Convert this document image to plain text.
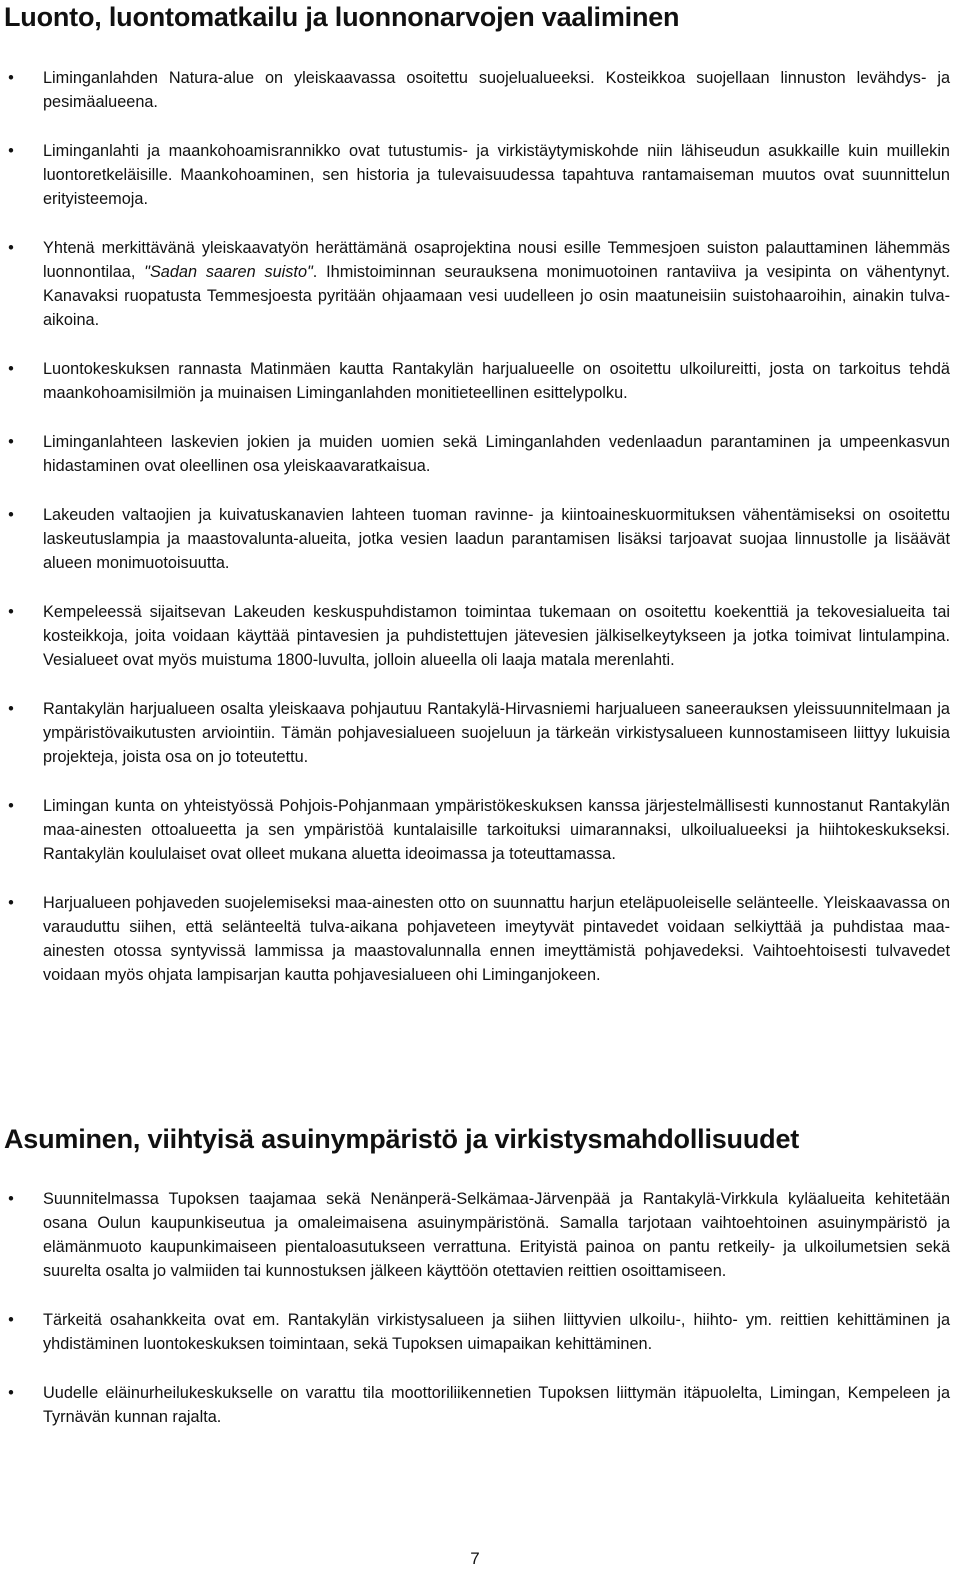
Luonto, luontomatkailu ja luonnonarvojen vaaliminen
• Liminganlahden Natura-alue on yleiskaavassa osoitettu suojelualueeksi. Kosteikkoa suojellaan linnuston levähdys- ja pesimäalueena.
• Liminganlahti ja maankohoamisrannikko ovat tutustumis- ja virkistäytymiskohde niin lähiseudun asukkaille kuin muillekin luontoretkeläisille. Maankohoaminen, sen historia ja tulevaisuudessa tapahtuva rantamaiseman muutos ovat suunnittelun erityisteemoja.
• Yhtenä merkittävänä yleiskaavatyön herättämänä osaprojektina nousi esille Temmesjoen suiston palauttaminen lähemmäs luonnontilaa, "Sadan saaren suisto". Ihmistoiminnan seurauksena monimuotoinen rantaviiva ja vesipinta on vähentynyt. Kanavaksi ruopatusta Temmesjoesta pyritään ohjaamaan vesi uudelleen jo osin maatuneisiin suistohaaroihin, ainakin tulva-aikoina.
• Luontokeskuksen rannasta Matinmäen kautta Rantakylän harjualueelle on osoitettu ulkoilureitti, josta on tarkoitus tehdä maankohoamisilmiön ja muinaisen Liminganlahden monitieteellinen esittelypolku.
• Liminganlahteen laskevien jokien ja muiden uomien sekä Liminganlahden vedenlaadun parantaminen ja umpeenkasvun hidastaminen ovat oleellinen osa yleiskaavaratkaisua.
• Lakeuden valtaojien ja kuivatuskanavien lahteen tuoman ravinne- ja kiintoaineskuormituksen vähentämiseksi on osoitettu laskeutuslampia ja maastovalunta-alueita, jotka vesien laadun parantamisen lisäksi tarjoavat suojaa linnustolle ja lisäävät alueen monimuotoisuutta.
• Kempeleessä sijaitsevan Lakeuden keskuspuhdistamon toimintaa tukemaan on osoitettu koekenttiä ja tekovesialueita tai kosteikkoja, joita voidaan käyttää pintavesien ja puhdistettujen jätevesien jälkiselkeytykseen ja jotka toimivat lintulampina. Vesialueet ovat myös muistuma 1800-luvulta, jolloin alueella oli laaja matala merenlahti.
• Rantakylän harjualueen osalta yleiskaava pohjautuu Rantakylä-Hirvasniemi harjualueen saneerauksen yleissuunnitelmaan ja ympäristövaikutusten arviointiin. Tämän pohjavesialueen suojeluun ja tärkeän virkistysalueen kunnostamiseen liittyy lukuisia projekteja, joista osa on jo toteutettu.
• Limingan kunta on yhteistyössä Pohjois-Pohjanmaan ympäristökeskuksen kanssa järjestelmällisesti kunnostanut Rantakylän maa-ainesten ottoalueetta ja sen ympäristöä kuntalaisille tarkoituksi uimarannaksi, ulkoilualueeksi ja hiihtokeskukseksi. Rantakylän koululaiset ovat olleet mukana aluetta ideoimassa ja toteuttamassa.
• Harjualueen pohjaveden suojelemiseksi maa-ainesten otto on suunnattu harjun eteläpuoleiselle selänteelle. Yleiskaavassa on varauduttu siihen, että selänteeltä tulva-aikana pohjaveteen imeytyvät pintavedet voidaan selkiyttää ja puhdistaa maa-ainesten otossa syntyvissä lammissa ja maastovalunnalla ennen imeyttämistä pohjavedeksi. Vaihtoehtoisesti tulvavedet voidaan myös ohjata lampisarjan kautta pohjavesialueen ohi Liminganjokeen.
Asuminen, viihtyisä asuinympäristö ja virkistysmahdollisuudet
• Suunnitelmassa Tupoksen taajamaa sekä Nenänperä-Selkämaa-Järvenpää ja Rantakylä-Virkkula kyläalueita kehitetään osana Oulun kaupunkiseutua ja omaleimaisena asuinympäristönä. Samalla tarjotaan vaihtoehtoinen asuinympäristö ja elämänmuoto kaupunkimaiseen pientaloasutukseen verrattuna. Erityistä painoa on pantu retkeily- ja ulkoilumetsien sekä suurelta osalta jo valmiiden tai kunnostuksen jälkeen käyttöön otettavien reittien osoittamiseen.
• Tärkeitä osahankkeita ovat em. Rantakylän virkistysalueen ja siihen liittyvien ulkoilu-, hiihto- ym. reittien kehittäminen ja yhdistäminen luontokeskuksen toimintaan, sekä Tupoksen uimapaikan kehittäminen.
• Uudelle eläinurheilukeskukselle on varattu tila moottoriliikennetien Tupoksen liittymän itäpuolelta, Limingan, Kempeleen ja Tyrnävän kunnan rajalta.
7
